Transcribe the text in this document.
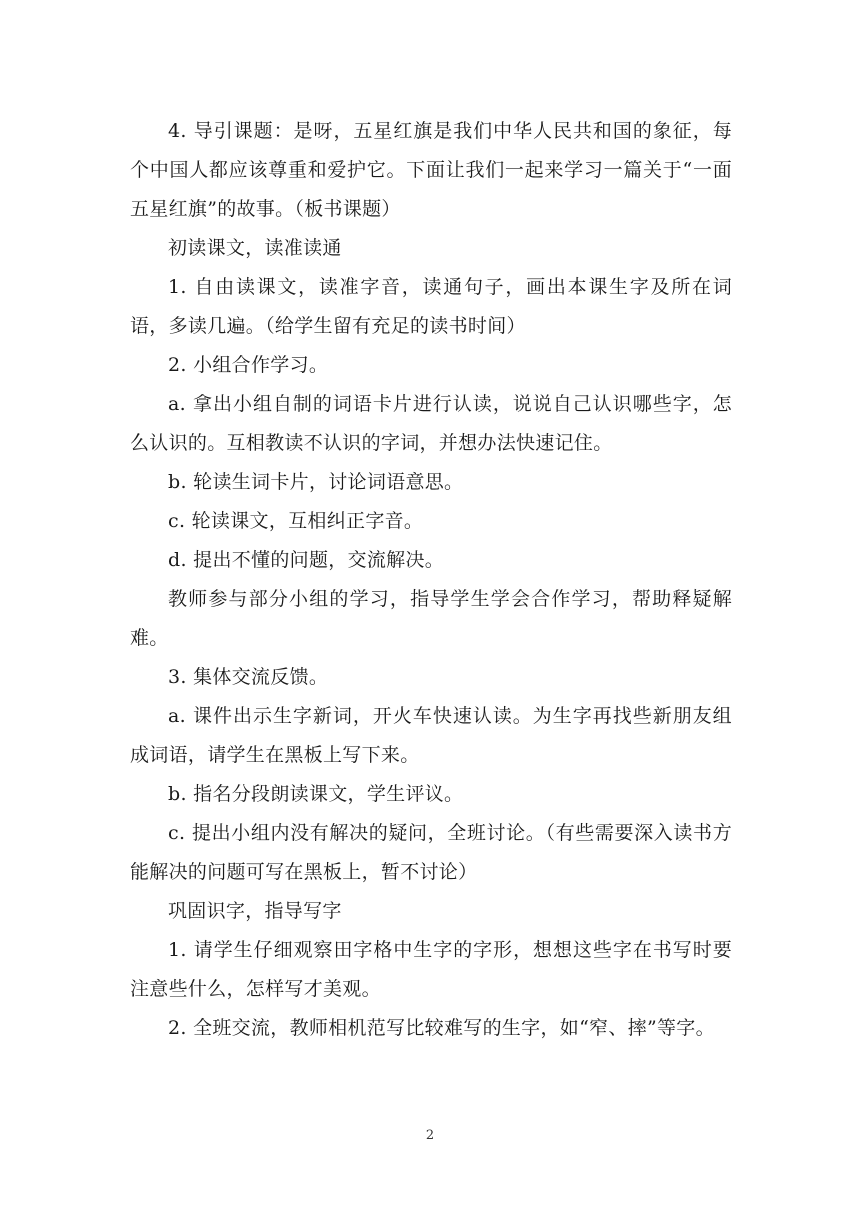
4. 导引课题：是呀，五星红旗是我们中华人民共和国的象征，每个中国人都应该尊重和爱护它。下面让我们一起来学习一篇关于“一面五星红旗”的故事。（板书课题）

初读课文，读准读通

1. 自由读课文，读准字音，读通句子，画出本课生字及所在词语，多读几遍。（给学生留有充足的读书时间）

2. 小组合作学习。

a. 拿出小组自制的词语卡片进行认读，说说自己认识哪些字，怎么认识的。互相教读不认识的字词，并想办法快速记住。

b. 轮读生词卡片，讨论词语意思。

c. 轮读课文，互相纠正字音。

d. 提出不懂的问题，交流解决。

教师参与部分小组的学习，指导学生学会合作学习，帮助释疑解难。

3. 集体交流反馈。

a. 课件出示生字新词，开火车快速认读。为生字再找些新朋友组成词语，请学生在黑板上写下来。

b. 指名分段朗读课文，学生评议。

c. 提出小组内没有解决的疑问，全班讨论。（有些需要深入读书方能解决的问题可写在黑板上，暂不讨论）

巩固识字，指导写字

1. 请学生仔细观察田字格中生字的字形，想想这些字在书写时要注意些什么，怎样写才美观。

2. 全班交流，教师相机范写比较难写的生字，如“窄、摔”等字。

2
